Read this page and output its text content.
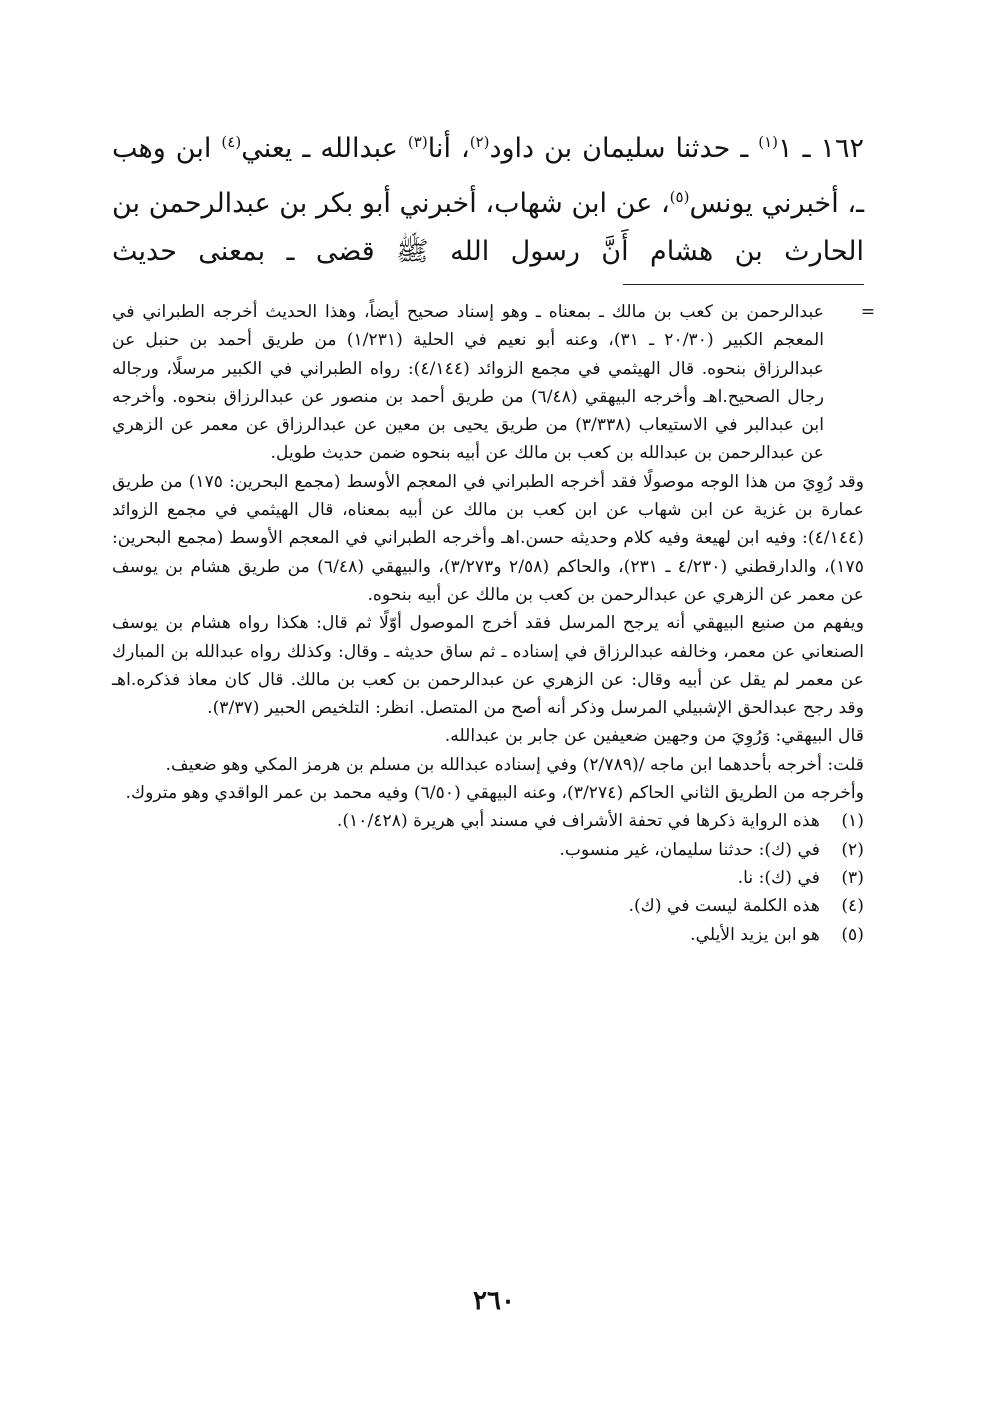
١٦٢ ـ ١$^{(١)}$ ـ حدثنا سليمان بن داود$^{(٢)}$، أنا$^{(٣)}$ عبدالله ـ يعني$^{(٤)}$ ابن وهب ـ، أخبرني يونس$^{(٥)}$، عن ابن شهاب، أخبرني أبو بكر بن عبدالرحمن بن الحارث بن هشام أَنَّ رسول الله ﷺ قضى ـ بمعنى حديث

=
عبدالرحمن بن كعب بن مالك ـ بمعناه ـ وهو إسناد صحيح أيضاً، وهذا الحديث أخرجه الطبراني في المعجم الكبير (٢٠/٣٠ ـ ٣١)، وعنه أبو نعيم في الحلية (١/٢٣١) من طريق أحمد بن حنبل عن عبدالرزاق بنحوه. قال الهيثمي في مجمع الزوائد (٤/١٤٤): رواه الطبراني في الكبير مرسلًا، ورجاله رجال الصحيح.اهـ وأخرجه البيهقي (٦/٤٨) من طريق أحمد بن منصور عن عبدالرزاق بنحوه. وأخرجه ابن عبدالبر في الاستيعاب (٣/٣٣٨) من طريق يحيى بن معين عن عبدالرزاق عن معمر عن الزهري عن عبدالرحمن بن عبدالله بن كعب بن مالك عن أبيه بنحوه ضمن حديث طويل.

وقد رُوِيَ من هذا الوجه موصولًا فقد أخرجه الطبراني في المعجم الأوسط (مجمع البحرين: ١٧٥) من طريق عمارة بن غزية عن ابن شهاب عن ابن كعب بن مالك عن أبيه بمعناه، قال الهيثمي في مجمع الزوائد (٤/١٤٤): وفيه ابن لهيعة وفيه كلام وحديثه حسن.اهـ وأخرجه الطبراني في المعجم الأوسط (مجمع البحرين: ١٧٥)، والدارقطني (٤/٢٣٠ ـ ٢٣١)، والحاكم (٢/٥٨ و٣/٢٧٣)، والبيهقي (٦/٤٨) من طريق هشام بن يوسف عن معمر عن الزهري عن عبدالرحمن بن كعب بن مالك عن أبيه بنحوه.

ويفهم من صنيع البيهقي أنه يرجح المرسل فقد أخرج الموصول أوّلًا ثم قال: هكذا رواه هشام بن يوسف الصنعاني عن معمر، وخالفه عبدالرزاق في إسناده ـ ثم ساق حديثه ـ وقال: وكذلك رواه عبدالله بن المبارك عن معمر لم يقل عن أبيه وقال: عن الزهري عن عبدالرحمن بن كعب بن مالك. قال كان معاذ فذكره.اهـ وقد رجح عبدالحق الإشبيلي المرسل وذكر أنه أصح من المتصل. انظر: التلخيص الحبير (٣/٣٧).

قال البيهقي: وَرُوِيَ من وجهين ضعيفين عن جابر بن عبدالله.

قلت: أخرجه بأحدهما ابن ماجه /(٢/٧٨٩) وفي إسناده عبدالله بن مسلم بن هرمز المكي وهو ضعيف.

وأخرجه من الطريق الثاني الحاكم (٣/٢٧٤)، وعنه البيهقي (٦/٥٠) وفيه محمد بن عمر الواقدي وهو متروك.

(١)
هذه الرواية ذكرها في تحفة الأشراف في مسند أبي هريرة (١٠/٤٢٨).
(٢)
في (ك): حدثنا سليمان، غير منسوب.
(٣)
في (ك): نا.
(٤)
هذه الكلمة ليست في (ك).
(٥)
هو ابن يزيد الأيلي.
٢٦٠
